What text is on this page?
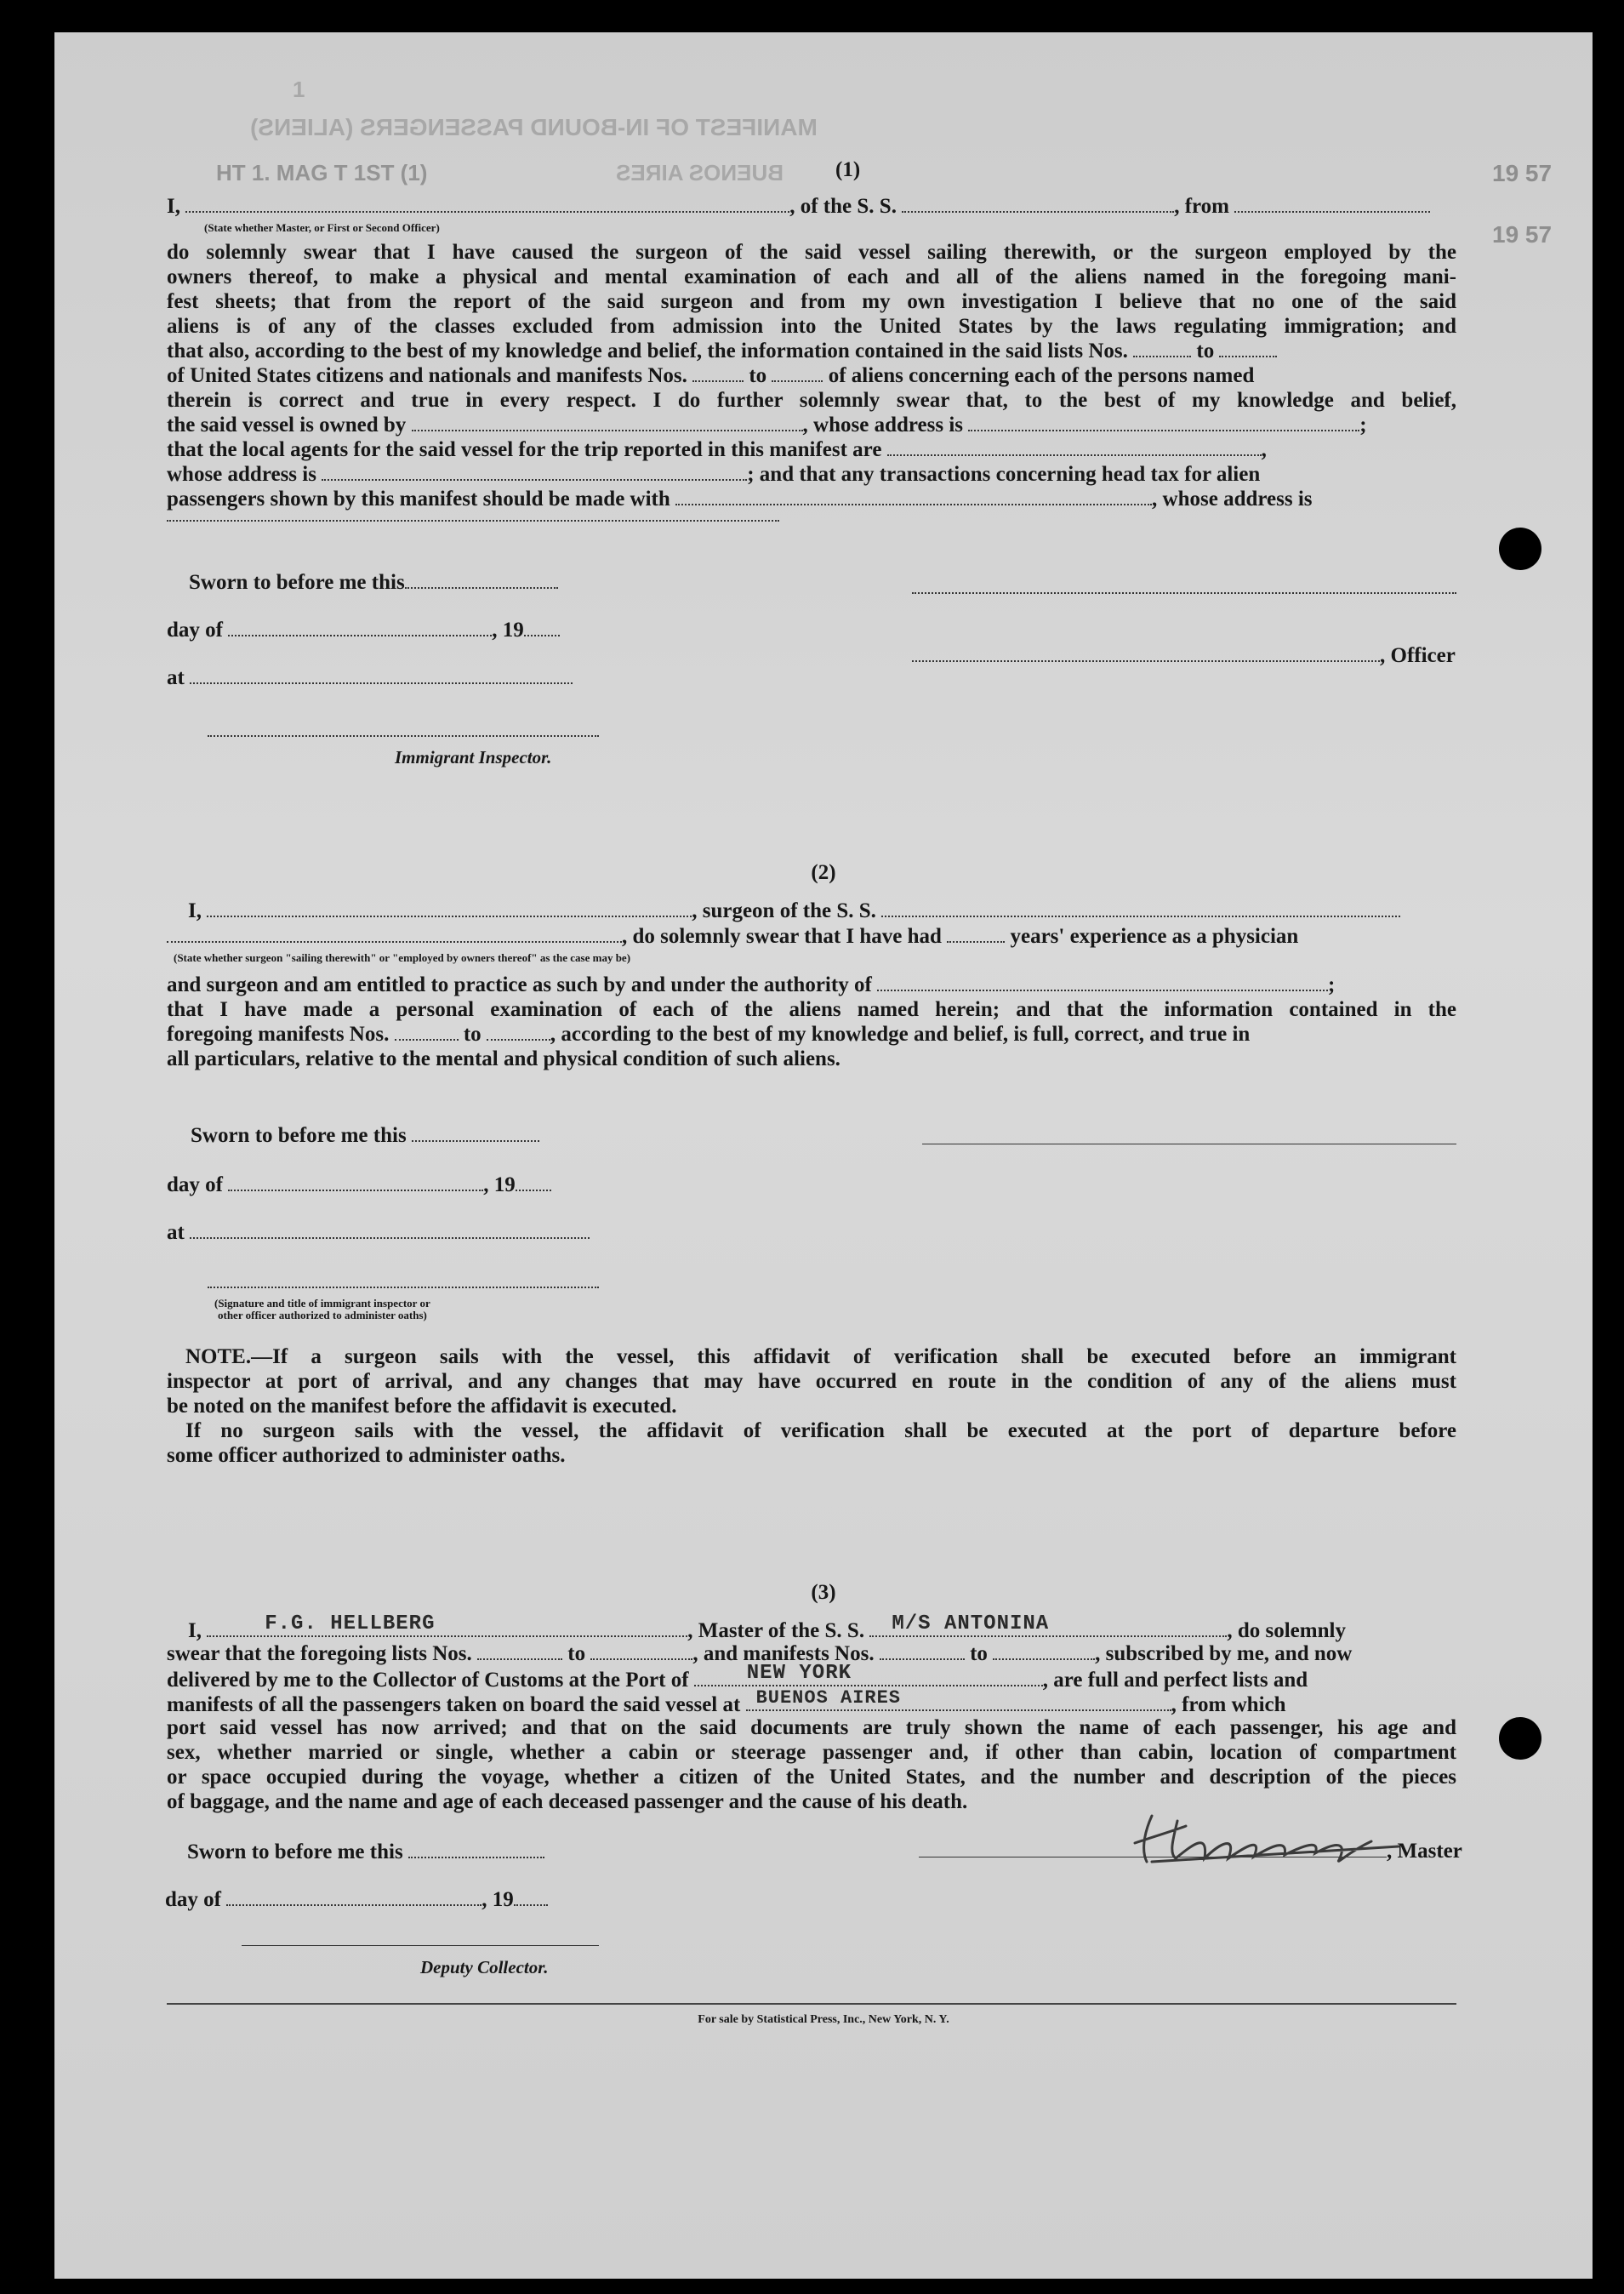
1
MANIFEST OF IN-BOUND PASSENGERS (ALIENS)
HT 1. MAG T 1ST (1)	BUENOS AIRES	19 57
19 57
(1)
I,	, of the S. S.	, from
(State whether Master, or First or Second Officer)
do solemnly swear that I have caused the surgeon of the said vessel sailing therewith, or the surgeon employed by the
owners thereof, to make a physical and mental examination of each and all of the aliens named in the foregoing mani-
fest sheets; that from the report of the said surgeon and from my own investigation I believe that no one of the said
aliens is of any of the classes excluded from admission into the United States by the laws regulating immigration; and
that also, according to the best of my knowledge and belief, the information contained in the said lists Nos.	to
of United States citizens and nationals and manifests Nos.	to	of aliens concerning each of the persons named
therein is correct and true in every respect. I do further solemnly swear that, to the best of my knowledge and belief,
the said vessel is owned by	, whose address is	;
that the local agents for the said vessel for the trip reported in this manifest are	,
whose address is	; and that any transactions concerning head tax for alien
passengers shown by this manifest should be made with	, whose address is
Sworn to before me this
day of	, 19
, Officer
at
Immigrant Inspector.
(2)
I,	, surgeon of the S. S.
, do solemnly swear that I have had	years' experience as a physician
(State whether surgeon "sailing therewith" or "employed by owners thereof" as the case may be)
and surgeon and am entitled to practice as such by and under the authority of	;
that I have made a personal examination of each of the aliens named herein; and that the information contained in the
foregoing manifests Nos.	to	, according to the best of my knowledge and belief, is full, correct, and true in
all particulars, relative to the mental and physical condition of such aliens.
Sworn to before me this
day of	, 19
at
(Signature and title of immigrant inspector or
other officer authorized to administer oaths)
NOTE.—If a surgeon sails with the vessel, this affidavit of verification shall be executed before an immigrant
inspector at port of arrival, and any changes that may have occurred en route in the condition of any of the aliens must
be noted on the manifest before the affidavit is executed.
If no surgeon sails with the vessel, the affidavit of verification shall be executed at the port of departure before
some officer authorized to administer oaths.
(3)
I,	F.G. HELLBERG	, Master of the S. S. M/S ANTONINA	, do solemnly
swear that the foregoing lists Nos.	to	, and manifests Nos.	to	, subscribed by me, and now
delivered by me to the Collector of Customs at the Port of	NEW YORK	, are full and perfect lists and
manifests of all the passengers taken on board the said vessel at BUENOS AIRES	, from which
port said vessel has now arrived; and that on the said documents are truly shown the name of each passenger, his age and
sex, whether married or single, whether a cabin or steerage passenger and, if other than cabin, location of compartment
or space occupied during the voyage, whether a citizen of the United States, and the number and description of the pieces
of baggage, and the name and age of each deceased passenger and the cause of his death.
Sworn to before me this	, Master
day of	, 19
Deputy Collector.
For sale by Statistical Press, Inc., New York, N. Y.
